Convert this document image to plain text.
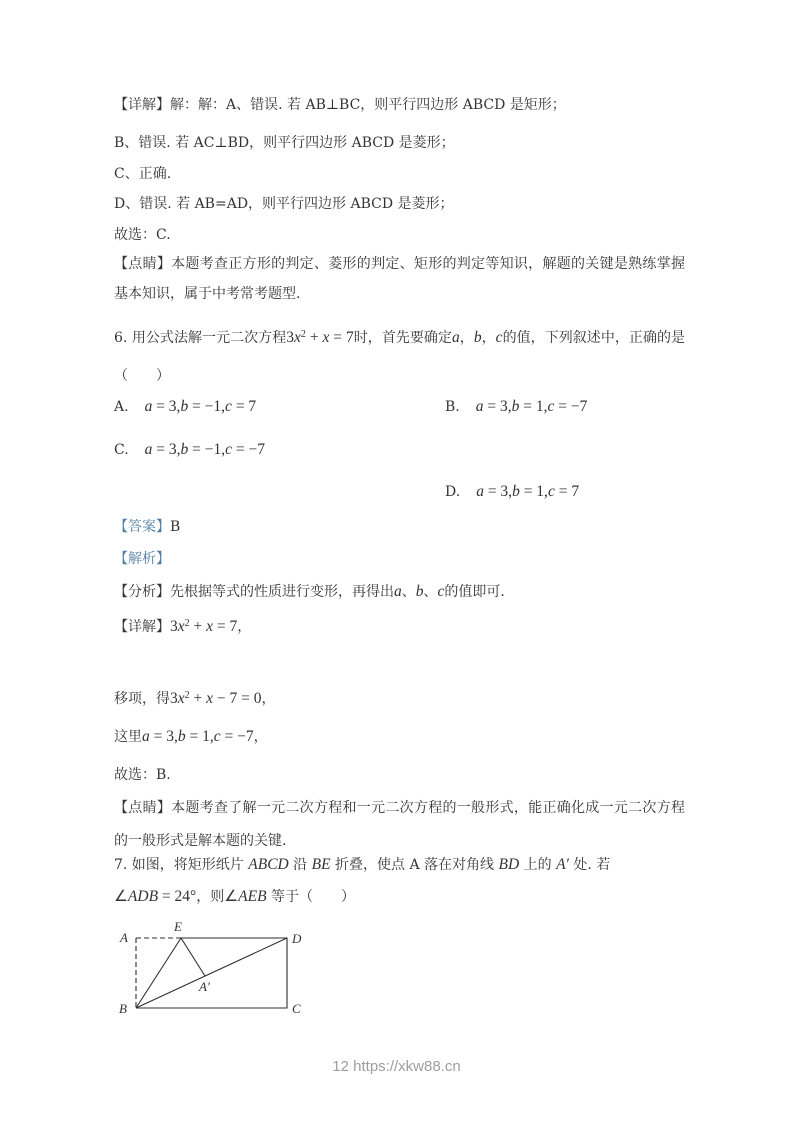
【详解】解：解：A、错误. 若 AB⊥BC，则平行四边形 ABCD 是矩形；
B、错误. 若 AC⊥BD，则平行四边形 ABCD 是菱形；
C、正确.
D、错误. 若 AB=AD，则平行四边形 ABCD 是菱形；
故选：C.
【点睛】本题考查正方形的判定、菱形的判定、矩形的判定等知识，解题的关键是熟练掌握基本知识，属于中考常考题型.
6. 用公式法解一元二次方程$3x^2 + x = 7$时，首先要确定a，b，c的值，下列叙述中，正确的是（　　）
A. a = 3,b = −1,c = 7	B. a = 3,b = 1,c = −7
C. a = 3,b = −1,c = −7
D. a = 3,b = 1,c = 7
【答案】B
【解析】
【分析】先根据等式的性质进行变形，再得出a、b、c的值即可.
【详解】$3x^2 + x = 7$，
移项，得$3x^2 + x - 7 = 0$，
这里a = 3,b = 1,c = −7，
故选：B.
【点睛】本题考查了解一元二次方程和一元二次方程的一般形式，能正确化成一元二次方程的一般形式是解本题的关键.
7. 如图，将矩形纸片 ABCD 沿 BE 折叠，使点 A 落在对角线 BD 上的 A′ 处. 若
∠ADB = 24°，则∠AEB 等于（　　）
A
E
D
B	C
A′
12 https://xkw88.cn
